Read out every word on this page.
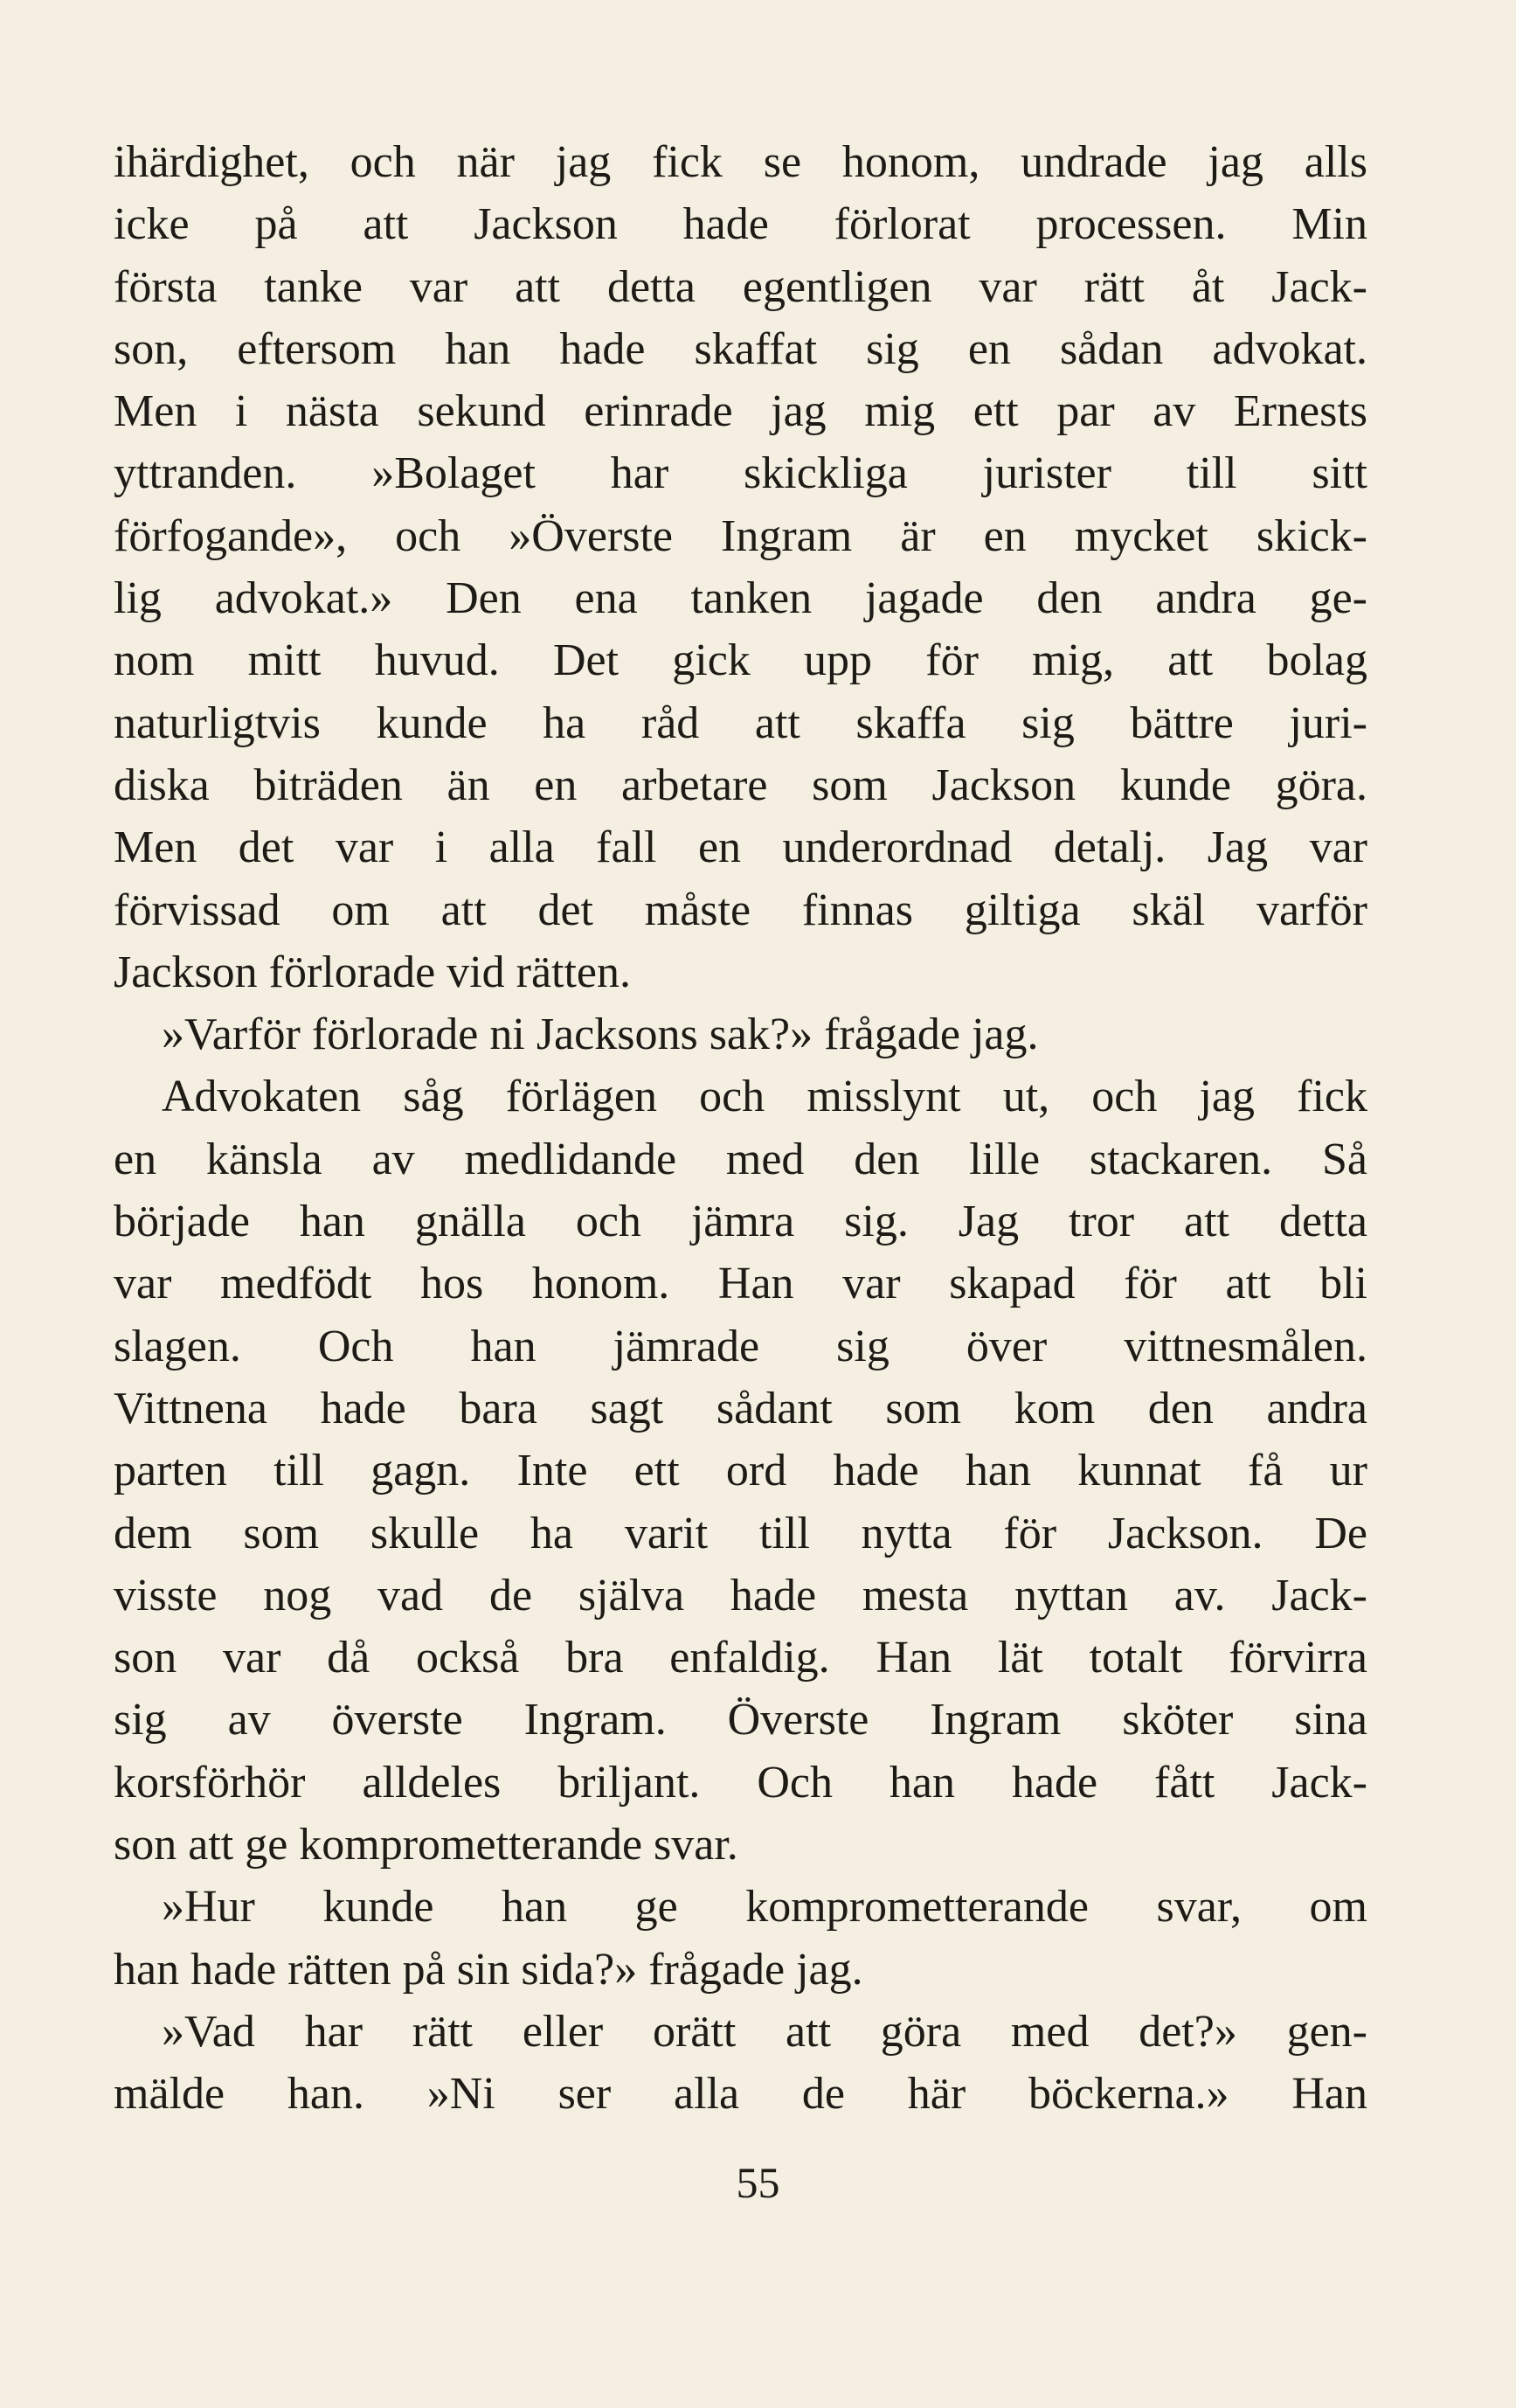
ihärdighet, och när jag fick se honom, undrade jag alls
icke på att Jackson hade förlorat processen. Min
första tanke var att detta egentligen var rätt åt Jack-
son, eftersom han hade skaffat sig en sådan advokat.
Men i nästa sekund erinrade jag mig ett par av Ernests
yttranden. »Bolaget har skickliga jurister till sitt
förfogande», och »Överste Ingram är en mycket skick-
lig advokat.» Den ena tanken jagade den andra ge-
nom mitt huvud. Det gick upp för mig, att bolag
naturligtvis kunde ha råd att skaffa sig bättre juri-
diska biträden än en arbetare som Jackson kunde göra.
Men det var i alla fall en underordnad detalj. Jag var
förvissad om att det måste finnas giltiga skäl varför
Jackson förlorade vid rätten.
»Varför förlorade ni Jacksons sak?» frågade jag.
Advokaten såg förlägen och misslynt ut, och jag fick
en känsla av medlidande med den lille stackaren. Så
började han gnälla och jämra sig. Jag tror att detta
var medfödt hos honom. Han var skapad för att bli
slagen. Och han jämrade sig över vittnesmålen.
Vittnena hade bara sagt sådant som kom den andra
parten till gagn. Inte ett ord hade han kunnat få ur
dem som skulle ha varit till nytta för Jackson. De
visste nog vad de själva hade mesta nyttan av. Jack-
son var då också bra enfaldig. Han lät totalt förvirra
sig av överste Ingram. Överste Ingram sköter sina
korsförhör alldeles briljant. Och han hade fått Jack-
son att ge komprometterande svar.
»Hur kunde han ge komprometterande svar, om
han hade rätten på sin sida?» frågade jag.
»Vad har rätt eller orätt att göra med det?» gen-
mälde han. »Ni ser alla de här böckerna.» Han
55
